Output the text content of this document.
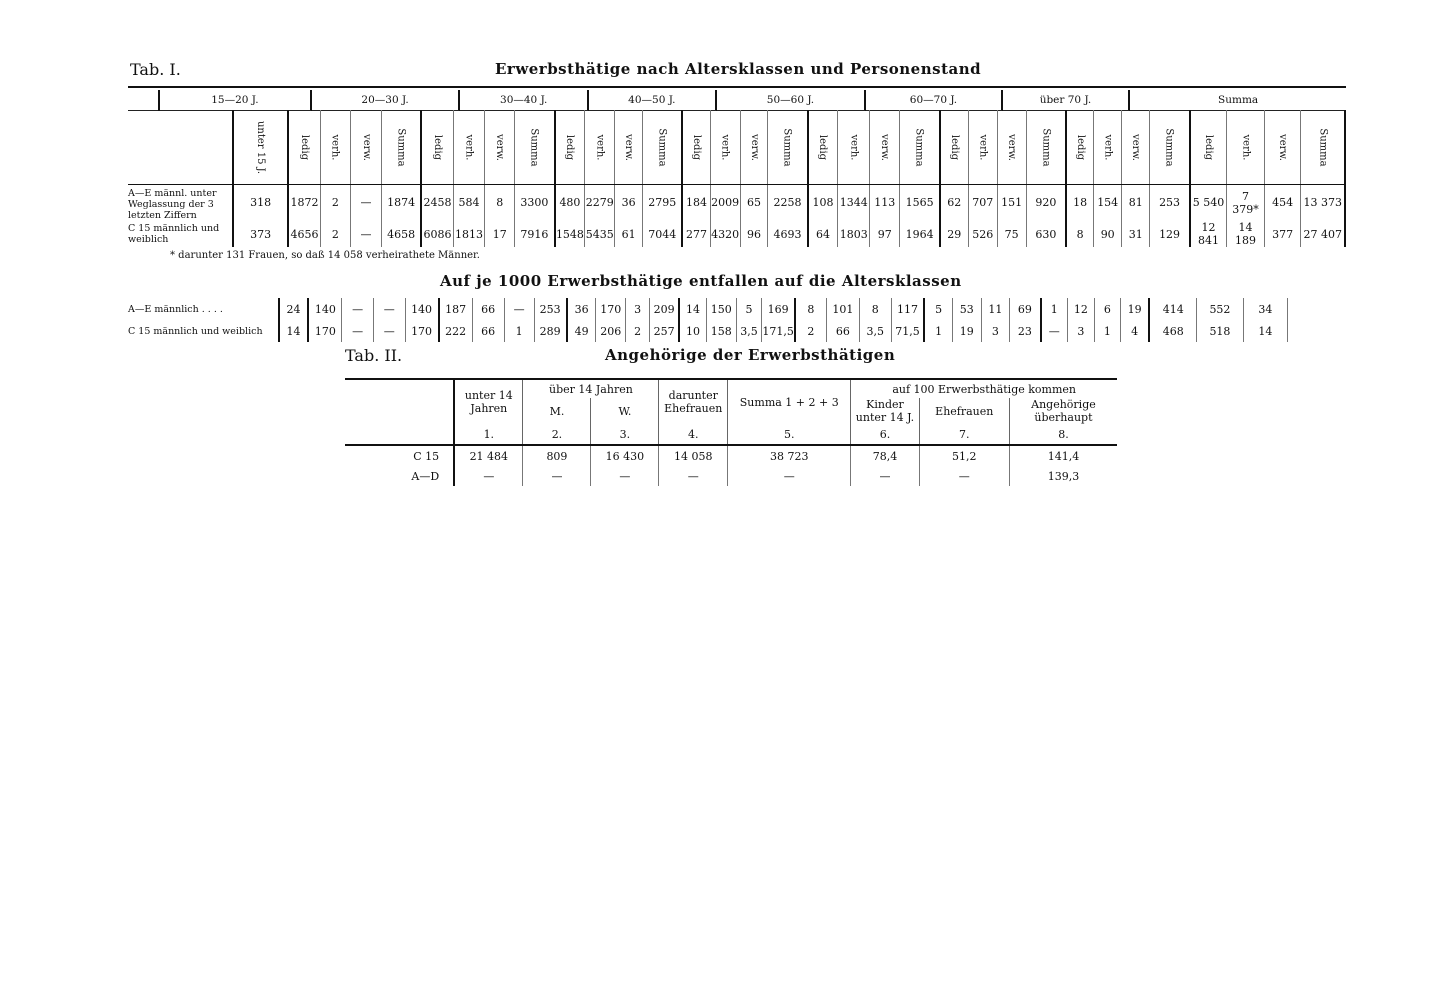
Tab. I.	Erwerbsthätige nach Altersklassen und Personenstand
	15—20 J.	20—30 J.	30—40 J.	40—50 J.	50—60 J.	60—70 J.	über 70 J.	Summa
	unter 15 J.	ledig	verh.	verw.	Summa	ledig	verh.	verw.	Summa	ledig	verh.	verw.	Summa	ledig	verh.	verw.	Summa	ledig	verh.	verw.	Summa	ledig	verh.	verw.	Summa	ledig	verh.	verw.	Summa	ledig	verh.	verw.	Summa
A—E männl. unter Weglassung der 3 letzten Ziffern	318	1872	2	—	1874	2458	584	8	3300	480	2279	36	2795	184	2009	65	2258	108	1344	113	1565	62	707	151	920	18	154	81	253	5 540	7 379*	454	13 373
C 15 männlich und weiblich	373	4656	2	—	4658	6086	1813	17	7916	1548	5435	61	7044	277	4320	96	4693	64	1803	97	1964	29	526	75	630	8	90	31	129	12 841	14 189	377	27 407
* darunter 131 Frauen, so daß 14 058 verheirathete Männer.
Auf je 1000 Erwerbsthätige entfallen auf die Altersklassen
A—E männlich . . . .	24	140	—	—	140	187	66	—	253	36	170	3	209	14	150	5	169	8	101	8	117	5	53	11	69	1	12	6	19	414	552	34
C 15 männlich und weiblich	14	170	—	—	170	222	66	1	289	49	206	2	257	10	158	3,5	171,5	2	66	3,5	71,5	1	19	3	23	—	3	1	4	468	518	14
Tab. II.	Angehörige der Erwerbsthätigen
	unter 14 Jahren	über 14 Jahren		darunter Ehefrauen	Summa 1 + 2 + 3	auf 100 Erwerbsthätige kommen		
		M.	W.			Kinder unter 14 J.	Ehefrauen	Angehörige überhaupt
	1.	2.	3.	4.	5.	6.	7.	8.
C 15	21 484	809	16 430	14 058	38 723	78,4	51,2	141,4
A—D	—	—	—	—	—	—	—	139,3
